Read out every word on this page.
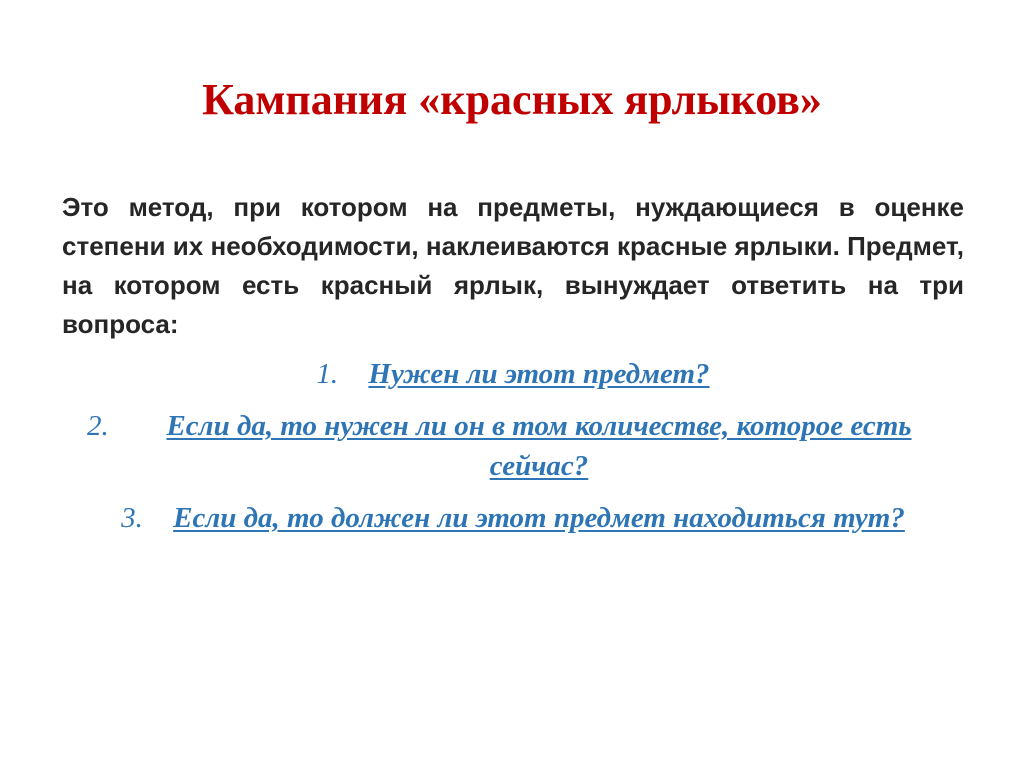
Кампания «красных ярлыков»

Это метод, при котором на предметы, нуждающиеся в оценке степени их необходимости, наклеиваются красные ярлыки. Предмет, на котором есть красный ярлык, вынуждает ответить на три вопроса:

1.	Нужен ли этот предмет?
2.	Если да, то нужен ли он в том количестве, которое есть сейчас?
3.	Если да, то должен ли этот предмет находиться тут?
